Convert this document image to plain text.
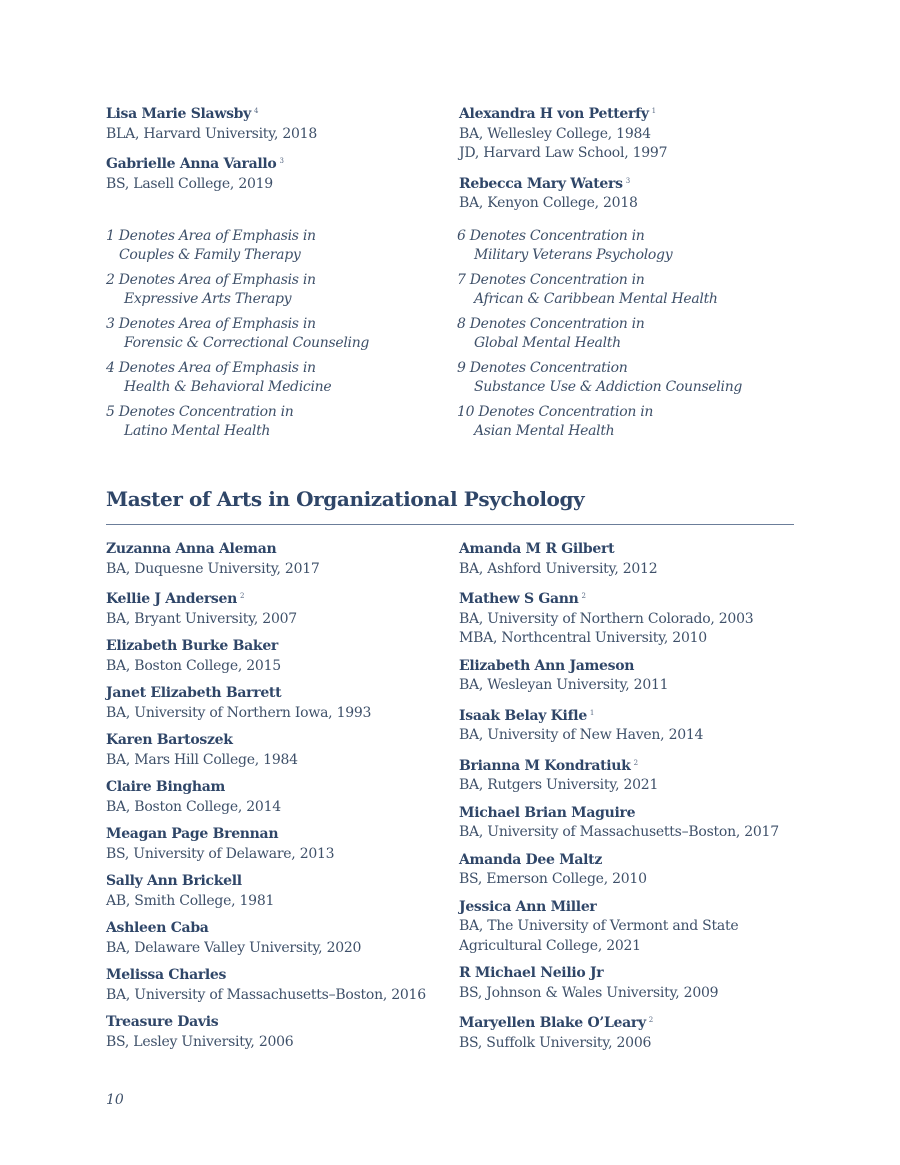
Lisa Marie Slawsby $^4$
BLA, Harvard University, 2018
Gabrielle Anna Varallo $^3$
BS, Lasell College, 2019
Alexandra H von Petterfy $^1$
BA, Wellesley College, 1984
JD, Harvard Law School, 1997
Rebecca Mary Waters $^3$
BA, Kenyon College, 2018
1 Denotes Area of Emphasis in
Couples & Family Therapy
2 Denotes Area of Emphasis in
Expressive Arts Therapy
3 Denotes Area of Emphasis in
Forensic & Correctional Counseling
4 Denotes Area of Emphasis in
Health & Behavioral Medicine
5 Denotes Concentration in
Latino Mental Health
6 Denotes Concentration in
Military Veterans Psychology
7 Denotes Concentration in
African & Caribbean Mental Health
8 Denotes Concentration in
Global Mental Health
9 Denotes Concentration
Substance Use & Addiction Counseling
10 Denotes Concentration in
Asian Mental Health
Master of Arts in Organizational Psychology
Zuzanna Anna Aleman
BA, Duquesne University, 2017
Kellie J Andersen $^2$
BA, Bryant University, 2007
Elizabeth Burke Baker
BA, Boston College, 2015
Janet Elizabeth Barrett
BA, University of Northern Iowa, 1993
Karen Bartoszek
BA, Mars Hill College, 1984
Claire Bingham
BA, Boston College, 2014
Meagan Page Brennan
BS, University of Delaware, 2013
Sally Ann Brickell
AB, Smith College, 1981
Ashleen Caba
BA, Delaware Valley University, 2020
Melissa Charles
BA, University of Massachusetts–Boston, 2016
Treasure Davis
BS, Lesley University, 2006
Amanda M R Gilbert
BA, Ashford University, 2012
Mathew S Gann $^2$
BA, University of Northern Colorado, 2003
MBA, Northcentral University, 2010
Elizabeth Ann Jameson
BA, Wesleyan University, 2011
Isaak Belay Kifle $^1$
BA, University of New Haven, 2014
Brianna M Kondratiuk $^2$
BA, Rutgers University, 2021
Michael Brian Maguire
BA, University of Massachusetts–Boston, 2017
Amanda Dee Maltz
BS, Emerson College, 2010
Jessica Ann Miller
BA, The University of Vermont and State
Agricultural College, 2021
R Michael Neilio Jr
BS, Johnson & Wales University, 2009
Maryellen Blake O’Leary $^2$
BS, Suffolk University, 2006
10
